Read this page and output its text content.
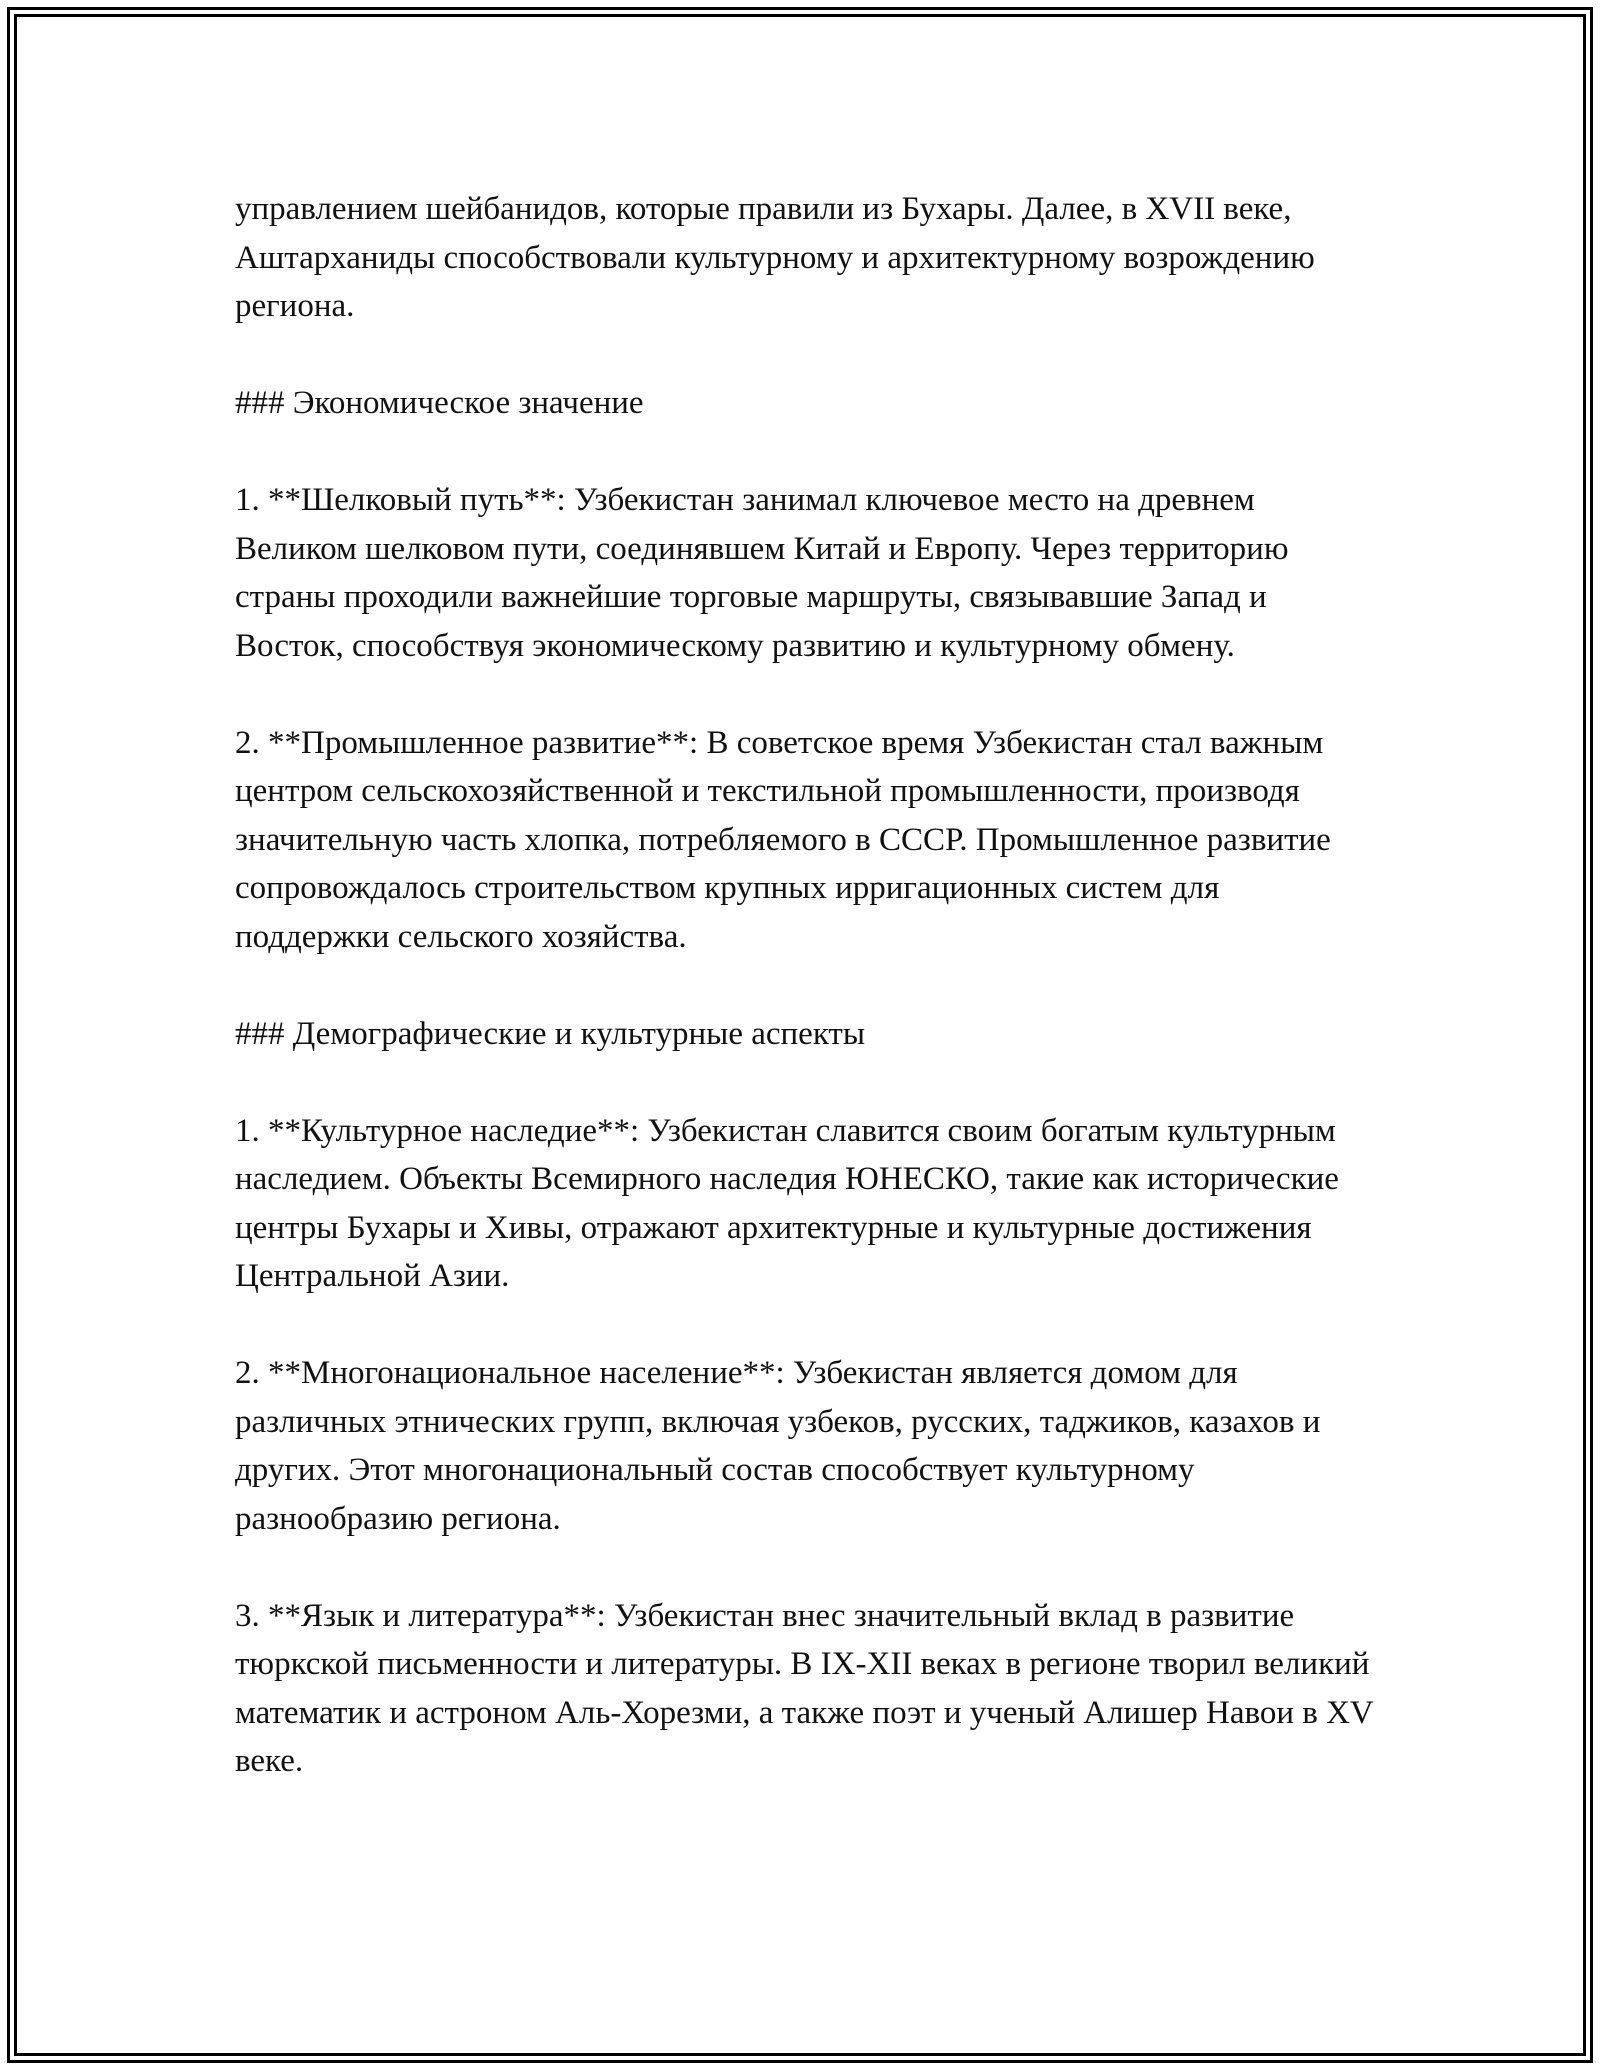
управлением шейбанидов, которые правили из Бухары. Далее, в XVII веке, Аштарханиды способствовали культурному и архитектурному возрождению региона.

### Экономическое значение

1. **Шелковый путь**: Узбекистан занимал ключевое место на древнем Великом шелковом пути, соединявшем Китай и Европу. Через территорию страны проходили важнейшие торговые маршруты, связывавшие Запад и Восток, способствуя экономическому развитию и культурному обмену.

2. **Промышленное развитие**: В советское время Узбекистан стал важным центром сельскохозяйственной и текстильной промышленности, производя значительную часть хлопка, потребляемого в СССР. Промышленное развитие сопровождалось строительством крупных ирригационных систем для поддержки сельского хозяйства.

### Демографические и культурные аспекты

1. **Культурное наследие**: Узбекистан славится своим богатым культурным наследием. Объекты Всемирного наследия ЮНЕСКО, такие как исторические центры Бухары и Хивы, отражают архитектурные и культурные достижения Центральной Азии.

2. **Многонациональное население**: Узбекистан является домом для различных этнических групп, включая узбеков, русских, таджиков, казахов и других. Этот многонациональный состав способствует культурному разнообразию региона.

3. **Язык и литература**: Узбекистан внес значительный вклад в развитие тюркской письменности и литературы. В IX-XII веках в регионе творил великий математик и астроном Аль-Хорезми, а также поэт и ученый Алишер Навои в XV веке.
